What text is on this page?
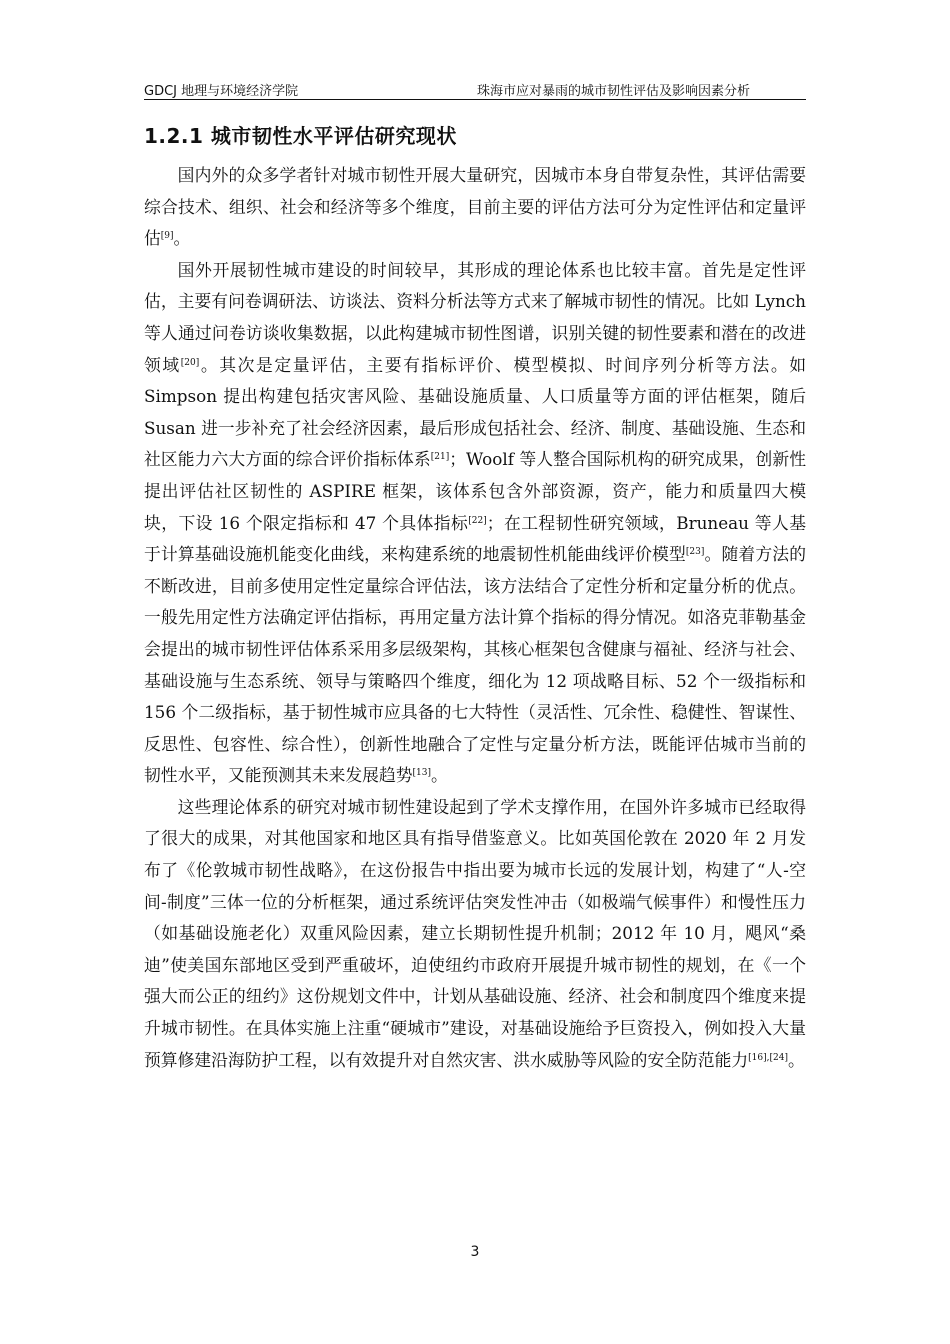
GDCJ 地理与环境经济学院	珠海市应对暴雨的城市韧性评估及影响因素分析
1.2.1 城市韧性水平评估研究现状

国内外的众多学者针对城市韧性开展大量研究，因城市本身自带复杂性，其评估需要综合技术、组织、社会和经济等多个维度，目前主要的评估方法可分为定性评估和定量评估[9]。

国外开展韧性城市建设的时间较早，其形成的理论体系也比较丰富。首先是定性评估，主要有问卷调研法、访谈法、资料分析法等方式来了解城市韧性的情况。比如 Lynch 等人通过问卷访谈收集数据，以此构建城市韧性图谱，识别关键的韧性要素和潜在的改进领域[20]。其次是定量评估，主要有指标评价、模型模拟、时间序列分析等方法。如 Simpson 提出构建包括灾害风险、基础设施质量、人口质量等方面的评估框架，随后 Susan 进一步补充了社会经济因素，最后形成包括社会、经济、制度、基础设施、生态和社区能力六大方面的综合评价指标体系[21]；Woolf 等人整合国际机构的研究成果，创新性提出评估社区韧性的 ASPIRE 框架，该体系包含外部资源，资产，能力和质量四大模块，下设 16 个限定指标和 47 个具体指标[22]；在工程韧性研究领域，Bruneau 等人基于计算基础设施机能变化曲线，来构建系统的地震韧性机能曲线评价模型[23]。随着方法的不断改进，目前多使用定性定量综合评估法，该方法结合了定性分析和定量分析的优点。一般先用定性方法确定评估指标，再用定量方法计算个指标的得分情况。如洛克菲勒基金会提出的城市韧性评估体系采用多层级架构，其核心框架包含健康与福祉、经济与社会、基础设施与生态系统、领导与策略四个维度，细化为 12 项战略目标、52 个一级指标和 156 个二级指标，基于韧性城市应具备的七大特性（灵活性、冗余性、稳健性、智谋性、反思性、包容性、综合性），创新性地融合了定性与定量分析方法，既能评估城市当前的韧性水平，又能预测其未来发展趋势[13]。

这些理论体系的研究对城市韧性建设起到了学术支撑作用，在国外许多城市已经取得了很大的成果，对其他国家和地区具有指导借鉴意义。比如英国伦敦在 2020 年 2 月发布了《伦敦城市韧性战略》，在这份报告中指出要为城市长远的发展计划，构建了“人-空间-制度”三体一位的分析框架，通过系统评估突发性冲击（如极端气候事件）和慢性压力（如基础设施老化）双重风险因素，建立长期韧性提升机制；2012 年 10 月，飓风“桑迪”使美国东部地区受到严重破坏，迫使纽约市政府开展提升城市韧性的规划，在《一个强大而公正的纽约》这份规划文件中，计划从基础设施、经济、社会和制度四个维度来提升城市韧性。在具体实施上注重“硬城市”建设，对基础设施给予巨资投入，例如投入大量预算修建沿海防护工程，以有效提升对自然灾害、洪水威胁等风险的安全防范能力[16],[24]。

3
